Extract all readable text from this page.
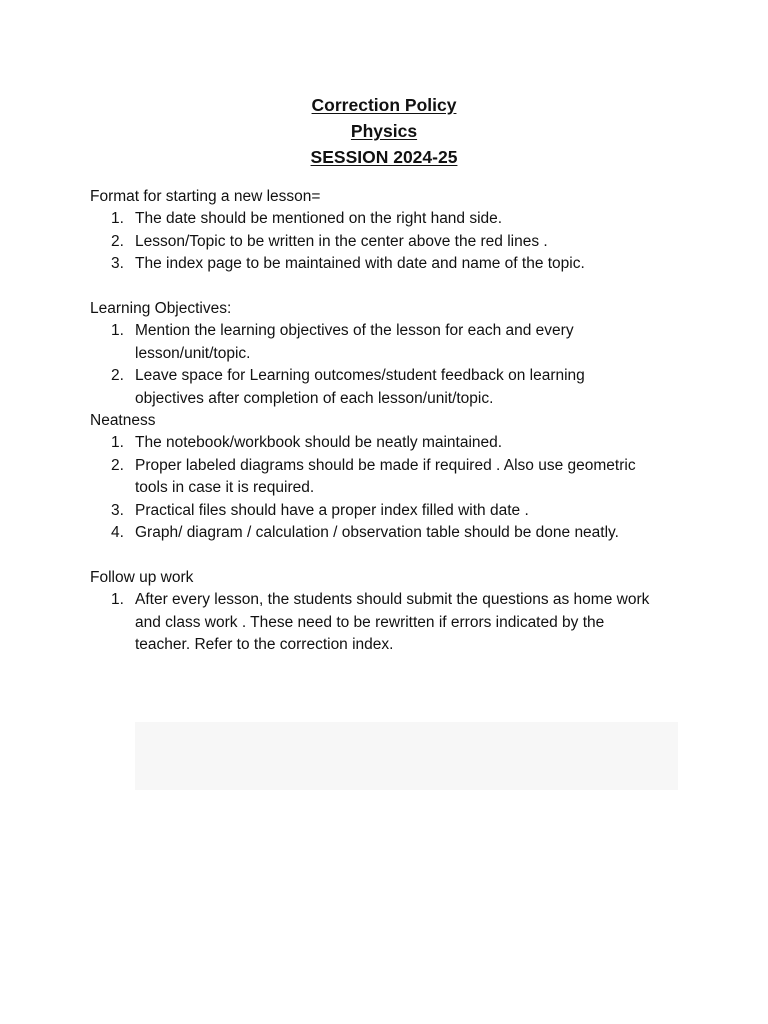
Correction Policy
Physics
SESSION 2024-25
Format for starting a new lesson=
1. The date should be mentioned on the right hand side.
2. Lesson/Topic to be written in the center above the red lines .
3. The index page to be maintained with date and name of the topic.
Learning Objectives:
1. Mention the learning objectives of the lesson for each and every lesson/unit/topic.
2. Leave space for Learning outcomes/student feedback on learning objectives after completion of each lesson/unit/topic.
Neatness
1. The notebook/workbook should be neatly maintained.
2. Proper labeled diagrams should be made if required . Also use geometric tools in case it is required.
3. Practical files should have a proper index filled with date .
4. Graph/ diagram / calculation / observation table should be done neatly.
Follow up work
1. After every lesson, the students should submit the questions as home work and class work . These need to be rewritten if errors indicated by the teacher. Refer to the correction index.
